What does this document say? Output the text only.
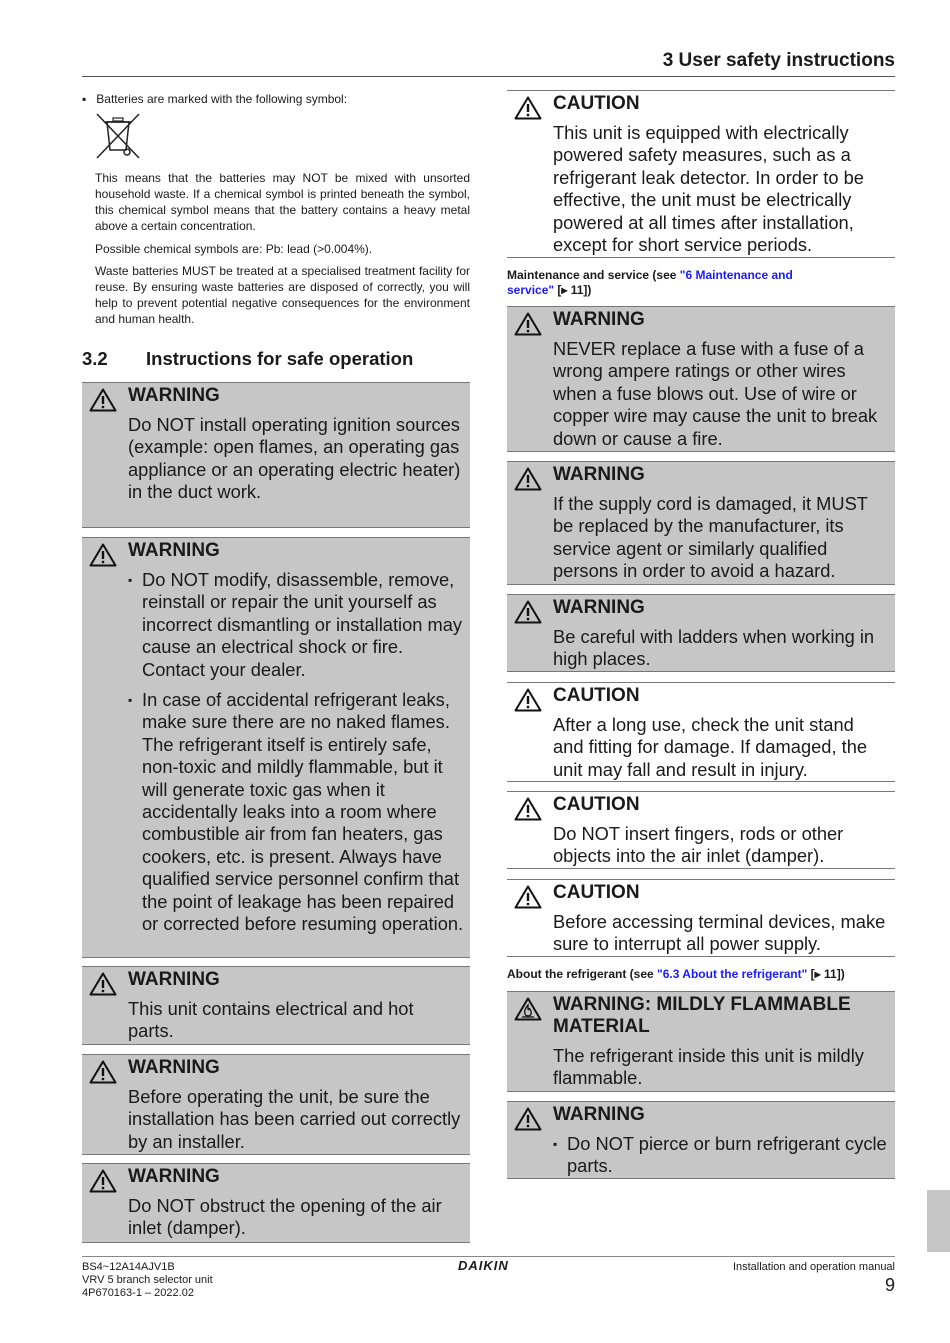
3 User safety instructions
▪   Batteries are marked with the following symbol:
This means that the batteries may NOT be mixed with unsorted household waste. If a chemical symbol is printed beneath the symbol, this chemical symbol means that the battery contains a heavy metal above a certain concentration.
Possible chemical symbols are: Pb: lead (>0.004%).
Waste batteries MUST be treated at a specialised treatment facility for reuse. By ensuring waste batteries are disposed of correctly, you will help to prevent potential negative consequences for the environment and human health.
3.2 Instructions for safe operation
WARNING
Do NOT install operating ignition sources (example: open flames, an operating gas appliance or an operating electric heater) in the duct work.
WARNING
▪ Do NOT modify, disassemble, remove, reinstall or repair the unit yourself as incorrect dismantling or installation may cause an electrical shock or fire. Contact your dealer.
▪ In case of accidental refrigerant leaks, make sure there are no naked flames. The refrigerant itself is entirely safe, non-toxic and mildly flammable, but it will generate toxic gas when it accidentally leaks into a room where combustible air from fan heaters, gas cookers, etc. is present. Always have qualified service personnel confirm that the point of leakage has been repaired or corrected before resuming operation.
WARNING
This unit contains electrical and hot parts.
WARNING
Before operating the unit, be sure the installation has been carried out correctly by an installer.
WARNING
Do NOT obstruct the opening of the air inlet (damper).
CAUTION
This unit is equipped with electrically powered safety measures, such as a refrigerant leak detector. In order to be effective, the unit must be electrically powered at all times after installation, except for short service periods.
Maintenance and service (see "6 Maintenance and service" [▸ 11])
WARNING
NEVER replace a fuse with a fuse of a wrong ampere ratings or other wires when a fuse blows out. Use of wire or copper wire may cause the unit to break down or cause a fire.
WARNING
If the supply cord is damaged, it MUST be replaced by the manufacturer, its service agent or similarly qualified persons in order to avoid a hazard.
WARNING
Be careful with ladders when working in high places.
CAUTION
After a long use, check the unit stand and fitting for damage. If damaged, the unit may fall and result in injury.
CAUTION
Do NOT insert fingers, rods or other objects into the air inlet (damper).
CAUTION
Before accessing terminal devices, make sure to interrupt all power supply.
About the refrigerant (see "6.3 About the refrigerant" [▸ 11])
WARNING: MILDLY FLAMMABLE MATERIAL
The refrigerant inside this unit is mildly flammable.
WARNING
▪ Do NOT pierce or burn refrigerant cycle parts.
BS4~12A14AJV1B
VRV 5 branch selector unit
4P670163-1 – 2022.02
DAIKIN	Installation and operation manual
9
